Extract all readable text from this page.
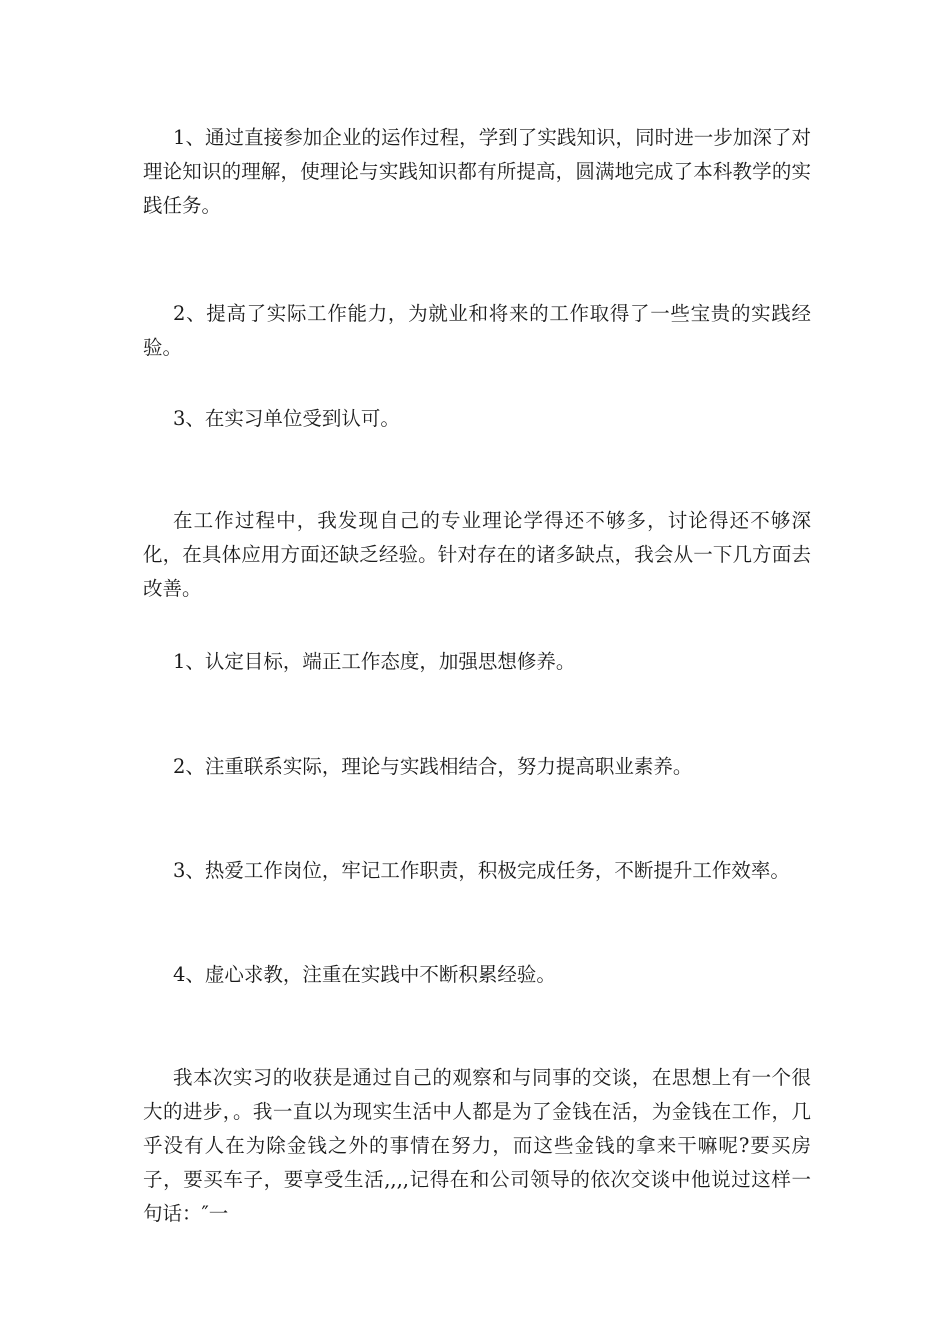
1、通过直接参加企业的运作过程，学到了实践知识，同时进一步加深了对理论知识的理解，使理论与实践知识都有所提高，圆满地完成了本科教学的实践任务。

2、提高了实际工作能力，为就业和将来的工作取得了一些宝贵的实践经验。

3、在实习单位受到认可。

在工作过程中，我发现自己的专业理论学得还不够多，讨论得还不够深化，在具体应用方面还缺乏经验。针对存在的诸多缺点，我会从一下几方面去改善。

1、认定目标，端正工作态度，加强思想修养。

2、注重联系实际，理论与实践相结合，努力提高职业素养。

3、热爱工作岗位，牢记工作职责，积极完成任务，不断提升工作效率。

4、虚心求教，注重在实践中不断积累经验。

我本次实习的收获是通过自己的观察和与同事的交谈，在思想上有一个很大的进步，。我一直以为现实生活中人都是为了金钱在活，为金钱在工作，几乎没有人在为除金钱之外的事情在努力，而这些金钱的拿来干嘛呢?要买房子，要买车子，要享受生活,,,,记得在和公司领导的依次交谈中他说过这样一句话：″一
